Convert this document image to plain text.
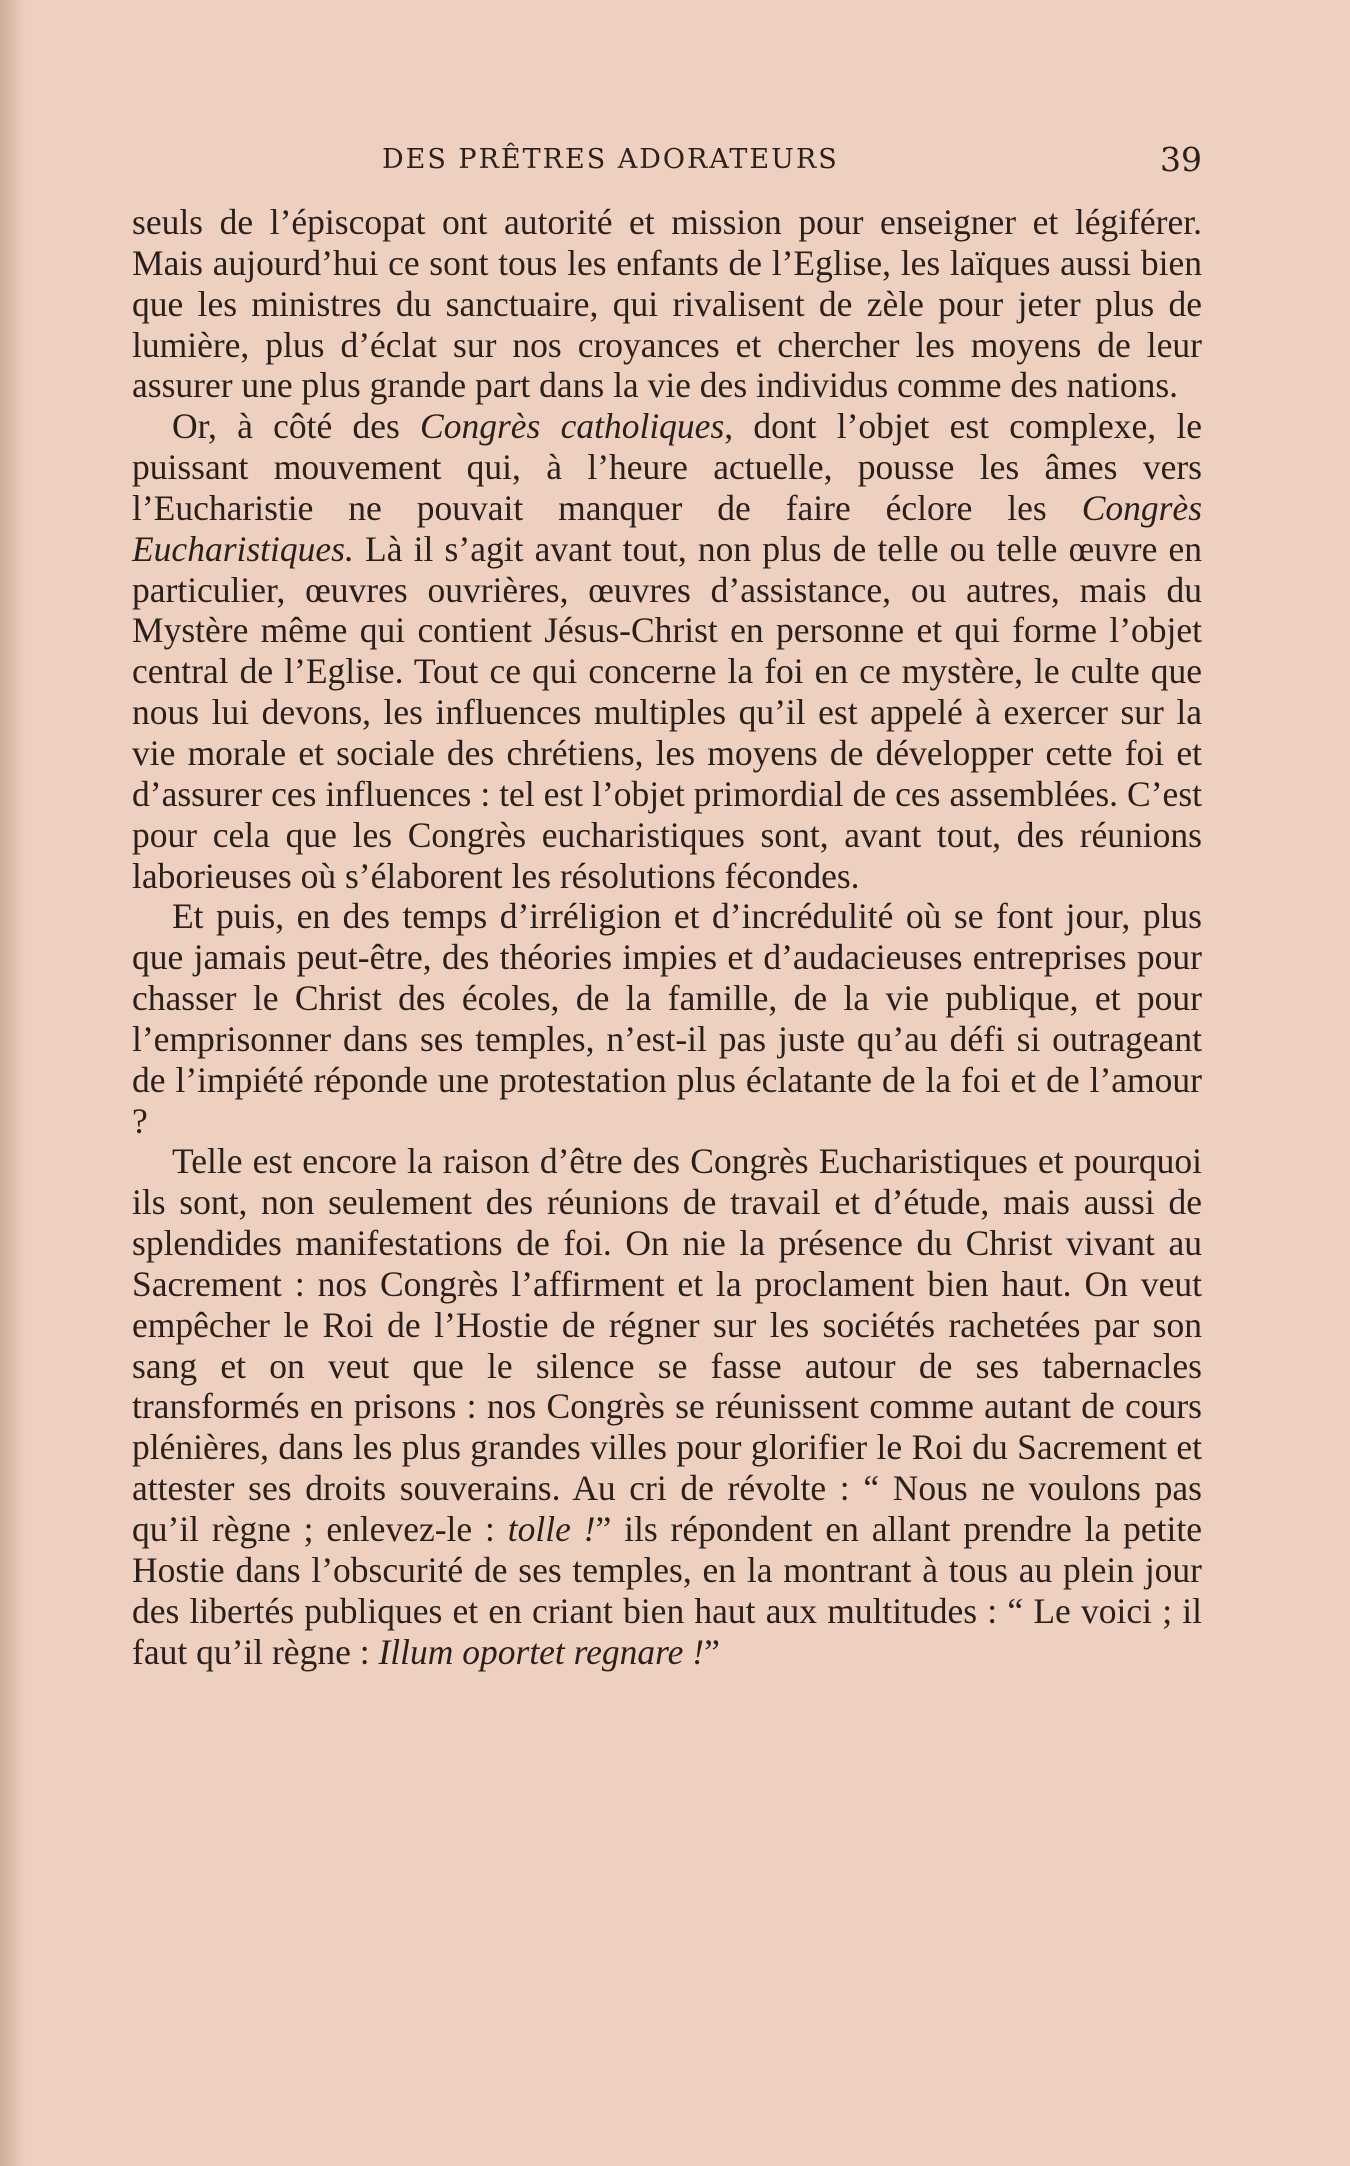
DES PRÊTRES ADORATEURS	39

seuls de l’épiscopat ont autorité et mission pour enseigner et légiférer. Mais aujourd’hui ce sont tous les enfants de l’Eglise, les laïques aussi bien que les ministres du sanctuaire, qui rivalisent de zèle pour jeter plus de lumière, plus d’éclat sur nos croyances et chercher les moyens de leur assurer une plus grande part dans la vie des individus comme des nations.

Or, à côté des Congrès catholiques, dont l’objet est complexe, le puissant mouvement qui, à l’heure actuelle, pousse les âmes vers l’Eucharistie ne pouvait manquer de faire éclore les Congrès Eucharistiques. Là il s’agit avant tout, non plus de telle ou telle œuvre en particulier, œuvres ouvrières, œuvres d’assistance, ou autres, mais du Mystère même qui contient Jésus-Christ en personne et qui forme l’objet central de l’Eglise. Tout ce qui concerne la foi en ce mystère, le culte que nous lui devons, les influences multiples qu’il est appelé à exercer sur la vie morale et sociale des chrétiens, les moyens de développer cette foi et d’assurer ces influences : tel est l’objet primordial de ces assemblées. C’est pour cela que les Congrès eucharistiques sont, avant tout, des réunions laborieuses où s’élaborent les résolutions fécondes.

Et puis, en des temps d’irréligion et d’incrédulité où se font jour, plus que jamais peut-être, des théories impies et d’audacieuses entreprises pour chasser le Christ des écoles, de la famille, de la vie publique, et pour l’emprisonner dans ses temples, n’est-il pas juste qu’au défi si outrageant de l’impiété réponde une protestation plus éclatante de la foi et de l’amour ?

Telle est encore la raison d’être des Congrès Eucharistiques et pourquoi ils sont, non seulement des réunions de travail et d’étude, mais aussi de splendides manifestations de foi. On nie la présence du Christ vivant au Sacrement : nos Congrès l’affirment et la proclament bien haut. On veut empêcher le Roi de l’Hostie de régner sur les sociétés rachetées par son sang et on veut que le silence se fasse autour de ses tabernacles transformés en prisons : nos Congrès se réunissent comme autant de cours plénières, dans les plus grandes villes pour glorifier le Roi du Sacrement et attester ses droits souverains. Au cri de révolte : “ Nous ne voulons pas qu’il règne ; enlevez-le : tolle !” ils répondent en allant prendre la petite Hostie dans l’obscurité de ses temples, en la montrant à tous au plein jour des libertés publiques et en criant bien haut aux multitudes : “ Le voici ; il faut qu’il règne : Illum oportet regnare !”
